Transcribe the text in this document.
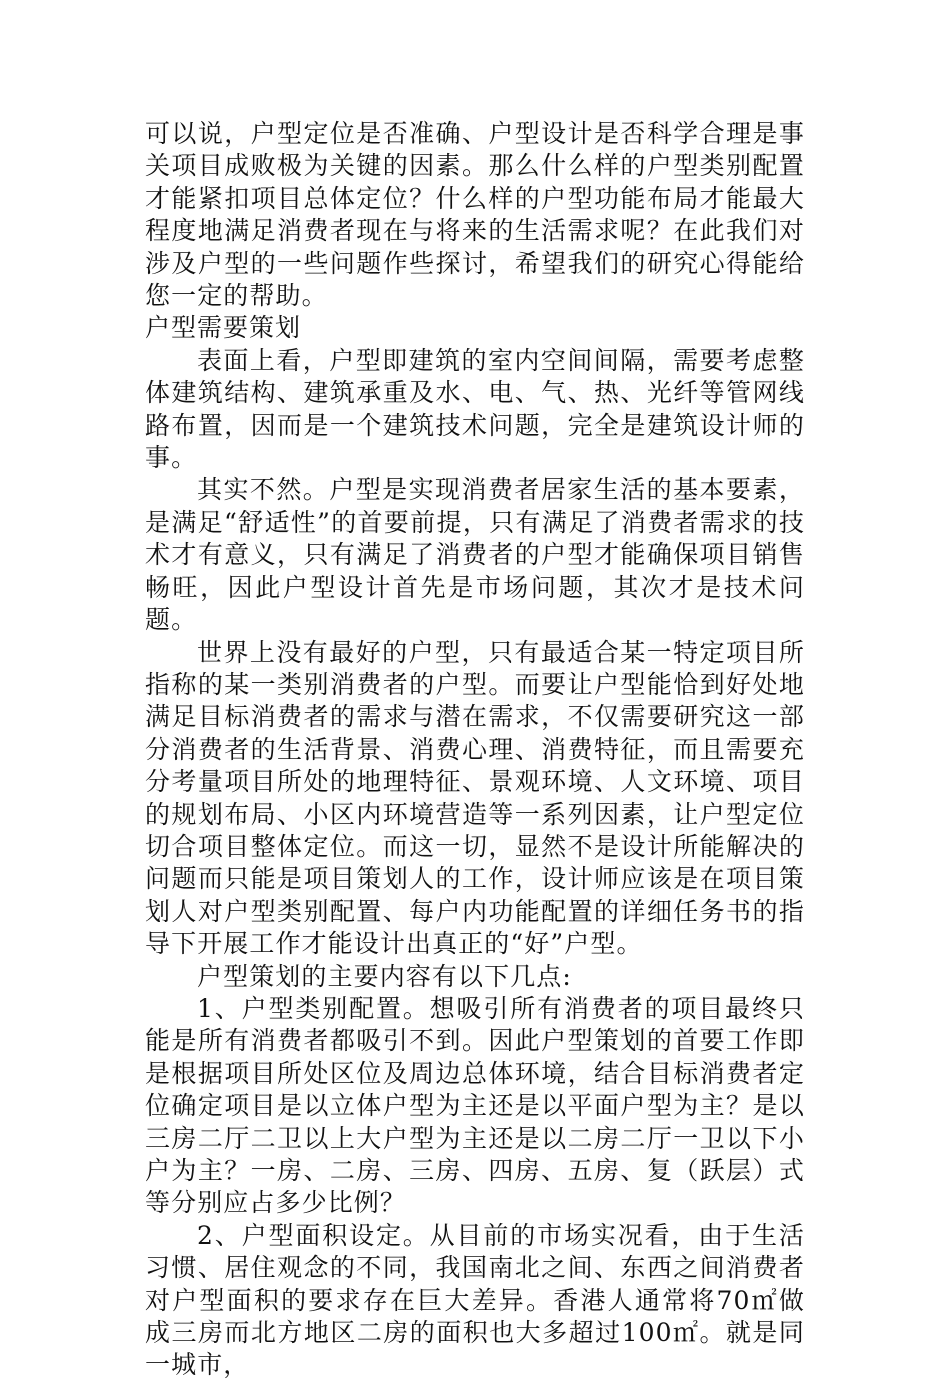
可以说，户型定位是否准确、户型设计是否科学合理是事关项目成败极为关键的因素。那么什么样的户型类别配置才能紧扣项目总体定位？什么样的户型功能布局才能最大程度地满足消费者现在与将来的生活需求呢？在此我们对涉及户型的一些问题作些探讨，希望我们的研究心得能给您一定的帮助。

户型需要策划

表面上看，户型即建筑的室内空间间隔，需要考虑整体建筑结构、建筑承重及水、电、气、热、光纤等管网线路布置，因而是一个建筑技术问题，完全是建筑设计师的事。

其实不然。户型是实现消费者居家生活的基本要素，是满足“舒适性”的首要前提，只有满足了消费者需求的技术才有意义，只有满足了消费者的户型才能确保项目销售畅旺，因此户型设计首先是市场问题，其次才是技术问题。

世界上没有最好的户型，只有最适合某一特定项目所指称的某一类别消费者的户型。而要让户型能恰到好处地满足目标消费者的需求与潜在需求，不仅需要研究这一部分消费者的生活背景、消费心理、消费特征，而且需要充分考量项目所处的地理特征、景观环境、人文环境、项目的规划布局、小区内环境营造等一系列因素，让户型定位切合项目整体定位。而这一切，显然不是设计所能解决的问题而只能是项目策划人的工作，设计师应该是在项目策划人对户型类别配置、每户内功能配置的详细任务书的指导下开展工作才能设计出真正的“好”户型。

户型策划的主要内容有以下几点:

1、户型类别配置。想吸引所有消费者的项目最终只能是所有消费者都吸引不到。因此户型策划的首要工作即是根据项目所处区位及周边总体环境，结合目标消费者定位确定项目是以立体户型为主还是以平面户型为主？是以三房二厅二卫以上大户型为主还是以二房二厅一卫以下小户为主？一房、二房、三房、四房、五房、复（跃层）式等分别应占多少比例？

2、户型面积设定。从目前的市场实况看，由于生活习惯、居住观念的不同，我国南北之间、东西之间消费者对户型面积的要求存在巨大差异。香港人通常将70㎡做成三房而北方地区二房的面积也大多超过100㎡。就是同一城市，
